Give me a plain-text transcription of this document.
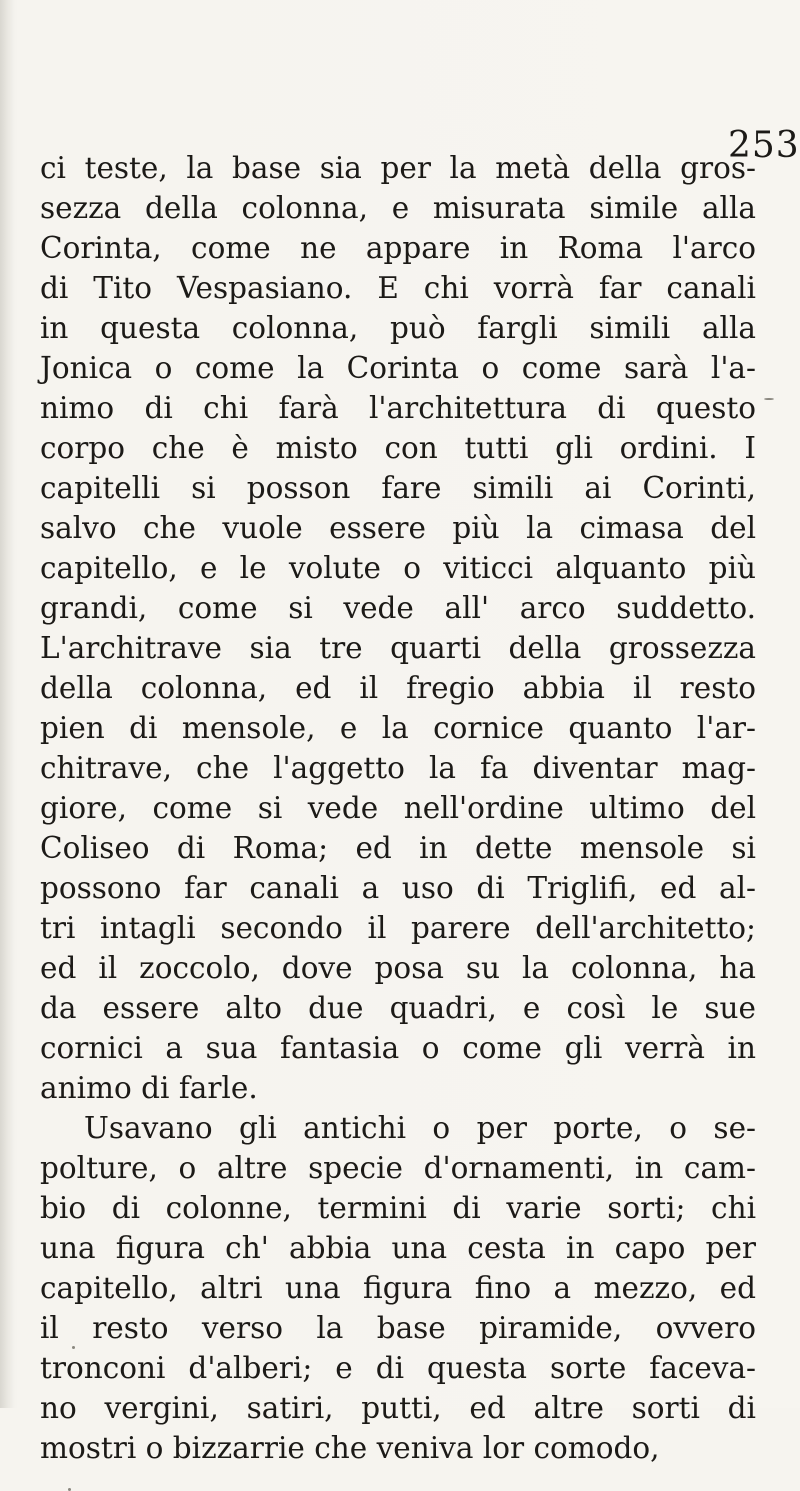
253
ci teste, la base sia per la metà della gros-
sezza della colonna, e misurata simile alla
Corinta, come ne appare in Roma l'arco
di Tito Vespasiano. E chi vorrà far canali
in questa colonna, può fargli simili alla
Jonica o come la Corinta o come sarà l'a-
nimo di chi farà l'architettura di questo
corpo che è misto con tutti gli ordini. I
capitelli si posson fare simili ai Corinti,
salvo che vuole essere più la cimasa del
capitello, e le volute o viticci alquanto più
grandi, come si vede all' arco suddetto.
L'architrave sia tre quarti della grossezza
della colonna, ed il fregio abbia il resto
pien di mensole, e la cornice quanto l'ar-
chitrave, che l'aggetto la fa diventar mag-
giore, come si vede nell'ordine ultimo del
Coliseo di Roma; ed in dette mensole si
possono far canali a uso di Triglifi, ed al-
tri intagli secondo il parere dell'architetto;
ed il zoccolo, dove posa su la colonna, ha
da essere alto due quadri, e così le sue
cornici a sua fantasia o come gli verrà in
animo di farle.
Usavano gli antichi o per porte, o se-
polture, o altre specie d'ornamenti, in cam-
bio di colonne, termini di varie sorti; chi
una figura ch' abbia una cesta in capo per
capitello, altri una figura fino a mezzo, ed
il resto verso la base piramide, ovvero
tronconi d'alberi; e di questa sorte faceva-
no vergini, satiri, putti, ed altre sorti di
mostri o bizzarrie che veniva lor comodo,
